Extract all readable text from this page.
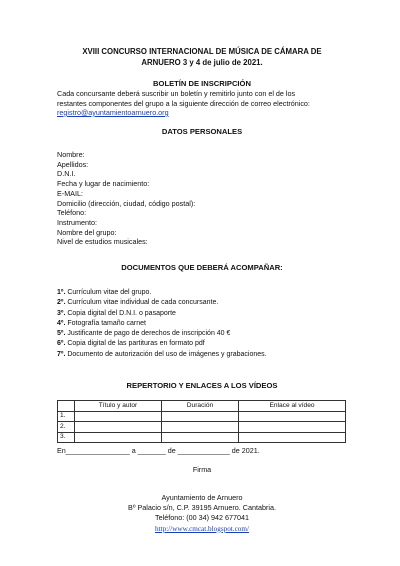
XVIII CONCURSO INTERNACIONAL DE MÚSICA DE CÁMARA DE
ARNUERO 3 y 4 de julio de 2021.
BOLETÍN DE INSCRIPCIÓN

Cada concursante deberá suscribir un boletín y remitirlo junto con el de los

restantes componentes del grupo a la siguiente dirección de correo electrónico:

registro@ayuntamientoarnuero.org

DATOS PERSONALES
Nombre:
Apellidos:
D.N.I.
Fecha y lugar de nacimiento:
E-MAIL:
Domicilio (dirección, ciudad, código postal):
Teléfono:
Instrumento:
Nombre del grupo:
Nivel de estudios musicales:
DOCUMENTOS QUE DEBERÁ ACOMPAÑAR:
1º. Currículum vitae del grupo.
2º. Currículum vitae individual de cada concursante.
3º. Copia digital del D.N.I. o pasaporte
4º. Fotografía tamaño carnet
5º. Justificante de pago de derechos de inscripción 40 €
6º. Copia digital de las partituras en formato pdf
7º. Documento de autorización del uso de imágenes y grabaciones.
REPERTORIO Y ENLACES A LOS VÍDEOS
	Título y autor	Duración	Enlace al vídeo
1.			
2.			
3.			
En________________ a _______ de _____________ de 2021.
Firma
Ayuntamiento de Arnuero
Bº Palacio s/n, C.P. 39195 Arnuero. Cantabria.
Teléfono: (00 34) 942 677041
http://www.cmcat.blogspot.com/
